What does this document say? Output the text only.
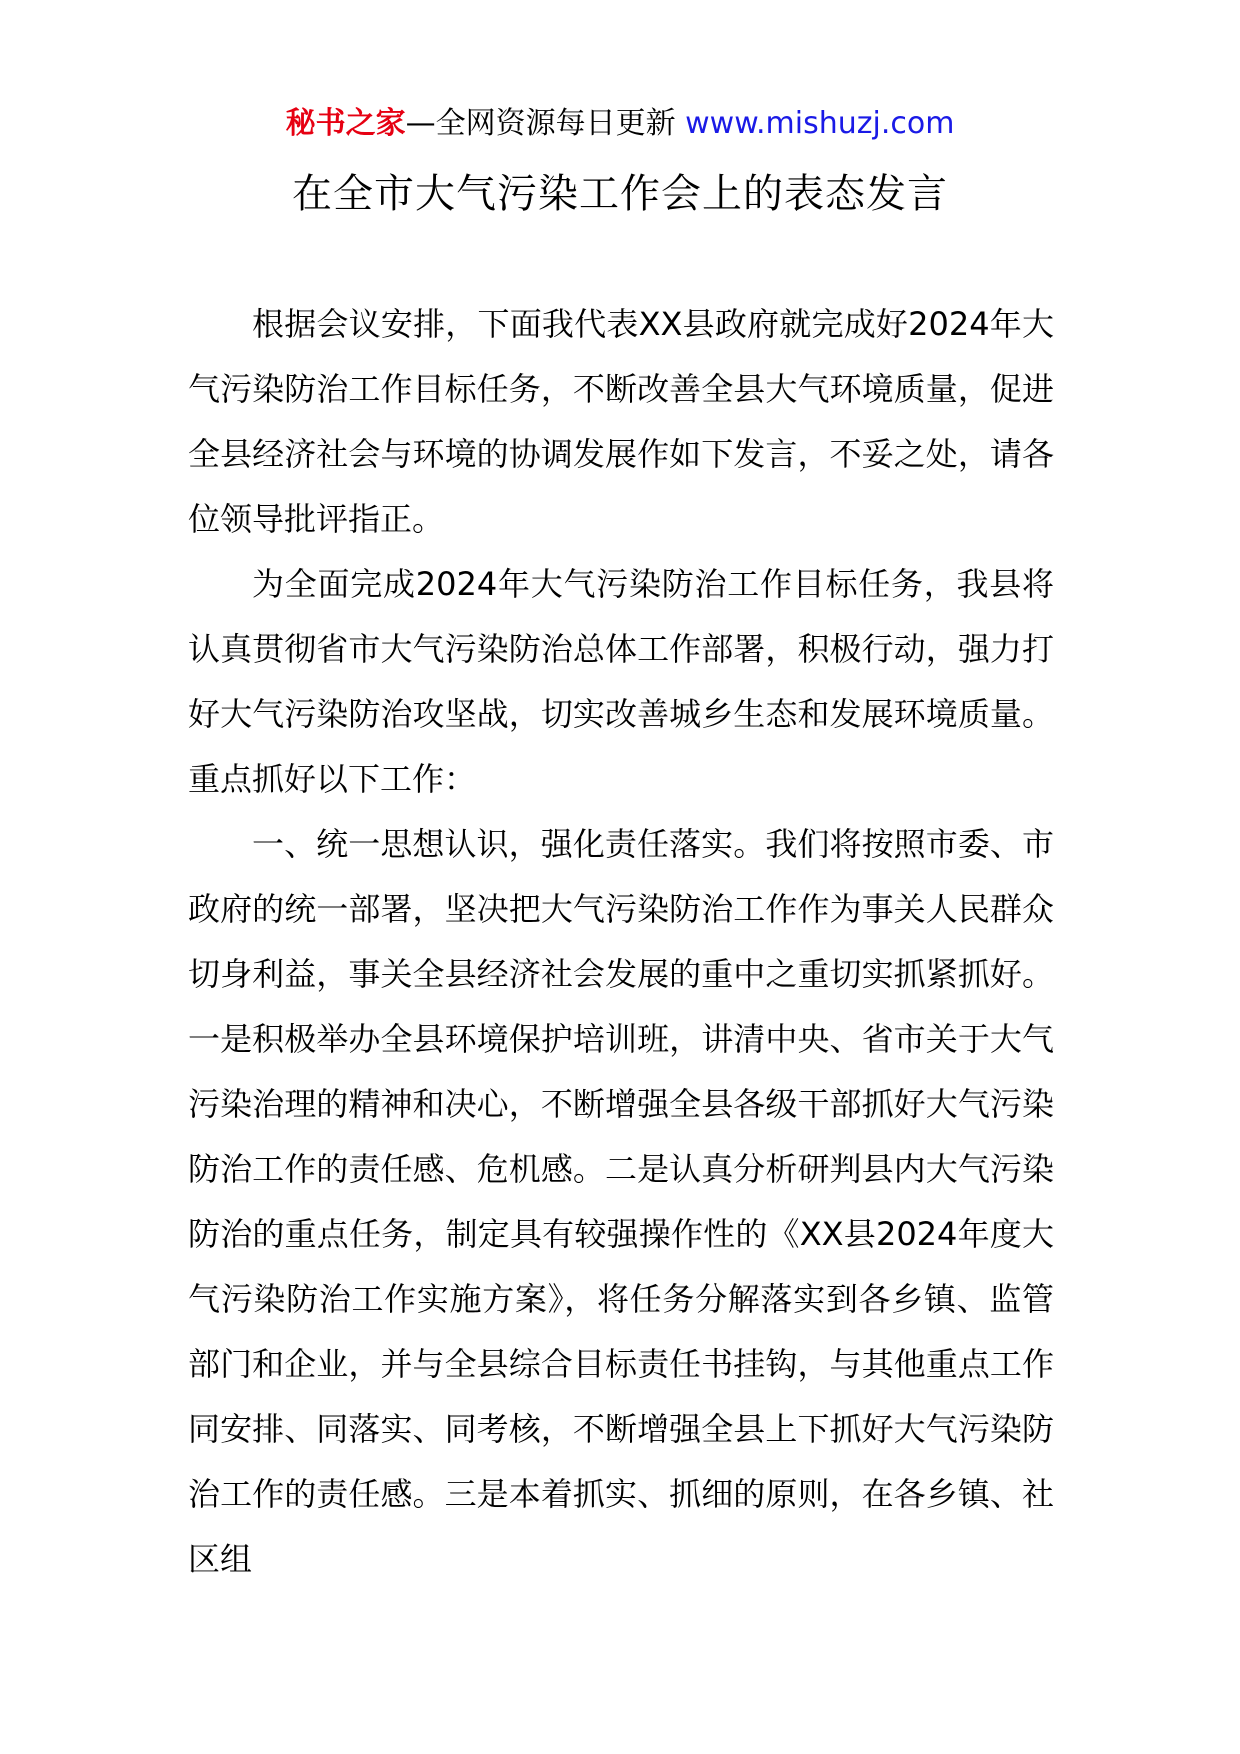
秘书之家—全网资源每日更新 www.mishuzj.com
在全市大气污染工作会上的表态发言

根据会议安排，下面我代表XX县政府就完成好2024年大气污染防治工作目标任务，不断改善全县大气环境质量，促进全县经济社会与环境的协调发展作如下发言，不妥之处，请各位领导批评指正。

为全面完成2024年大气污染防治工作目标任务，我县将认真贯彻省市大气污染防治总体工作部署，积极行动，强力打好大气污染防治攻坚战，切实改善城乡生态和发展环境质量。重点抓好以下工作：

一、统一思想认识，强化责任落实。我们将按照市委、市政府的统一部署，坚决把大气污染防治工作作为事关人民群众切身利益，事关全县经济社会发展的重中之重切实抓紧抓好。一是积极举办全县环境保护培训班，讲清中央、省市关于大气污染治理的精神和决心，不断增强全县各级干部抓好大气污染防治工作的责任感、危机感。二是认真分析研判县内大气污染防治的重点任务，制定具有较强操作性的《XX县2024年度大气污染防治工作实施方案》，将任务分解落实到各乡镇、监管部门和企业，并与全县综合目标责任书挂钩，与其他重点工作同安排、同落实、同考核，不断增强全县上下抓好大气污染防治工作的责任感。三是本着抓实、抓细的原则，在各乡镇、社区组
